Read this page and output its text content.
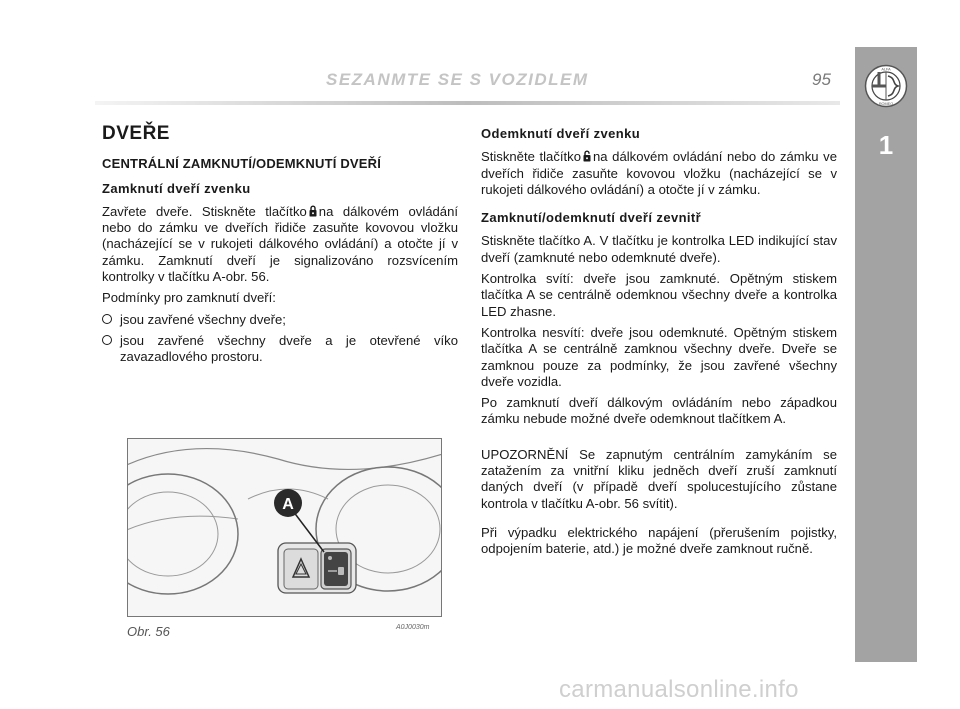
SEZANMTE SE S VOZIDLEM	95
ALFA
ROMEO
1
DVEŘE
CENTRÁLNÍ ZAMKNUTÍ/ODEMKNUTÍ DVEŘÍ
Zamknutí dveří zvenku

Zavřete dveře. Stiskněte tlačítko na dálkovém ovládání nebo do zámku ve dveřích řidiče zasuňte kovovou vložku (nacházející se v rukojeti dálkového ovládání) a otočte jí v zámku. Zamknutí dveří je signalizováno rozsvícením kontrolky v tlačítku A-obr. 56.

Podmínky pro zamknutí dveří:

jsou zavřené všechny dveře;
jsou zavřené všechny dveře a je otevřené víko zavazadlového prostoru.
Odemknutí dveří zvenku

Stiskněte tlačítko na dálkovém ovládání nebo do zámku ve dveřích řidiče zasuňte kovovou vložku (nacházející se v rukojeti dálkového ovládání) a otočte jí v zámku.

Zamknutí/odemknutí dveří zevnitř

Stiskněte tlačítko A. V tlačítku je kontrolka LED indikující stav dveří (zamknuté nebo odemknuté dveře).

Kontrolka svítí: dveře jsou zamknuté. Opětným stiskem tlačítka A se centrálně odemknou všechny dveře a kontrolka LED zhasne.

Kontrolka nesvítí: dveře jsou odemknuté. Opětným stiskem tlačítka A se centrálně zamknou všechny dveře. Dveře se zamknou pouze za podmínky, že jsou zavřené všechny dveře vozidla.

Po zamknutí dveří dálkovým ovládáním nebo západkou zámku nebude možné dveře odemknout tlačítkem A.

UPOZORNĚNÍ Se zapnutým centrálním zamykáním se zatažením za vnitřní kliku jedněch dveří zruší zamknutí daných dveří (v případě dveří spolucestujícího zůstane kontrola v tlačítku A-obr. 56 svítit).

Při výpadku elektrického napájení (přerušením pojistky, odpojením baterie, atd.) je možné dveře zamknout ručně.

A
Obr. 56	A0J0030m
carmanualsonline.info
